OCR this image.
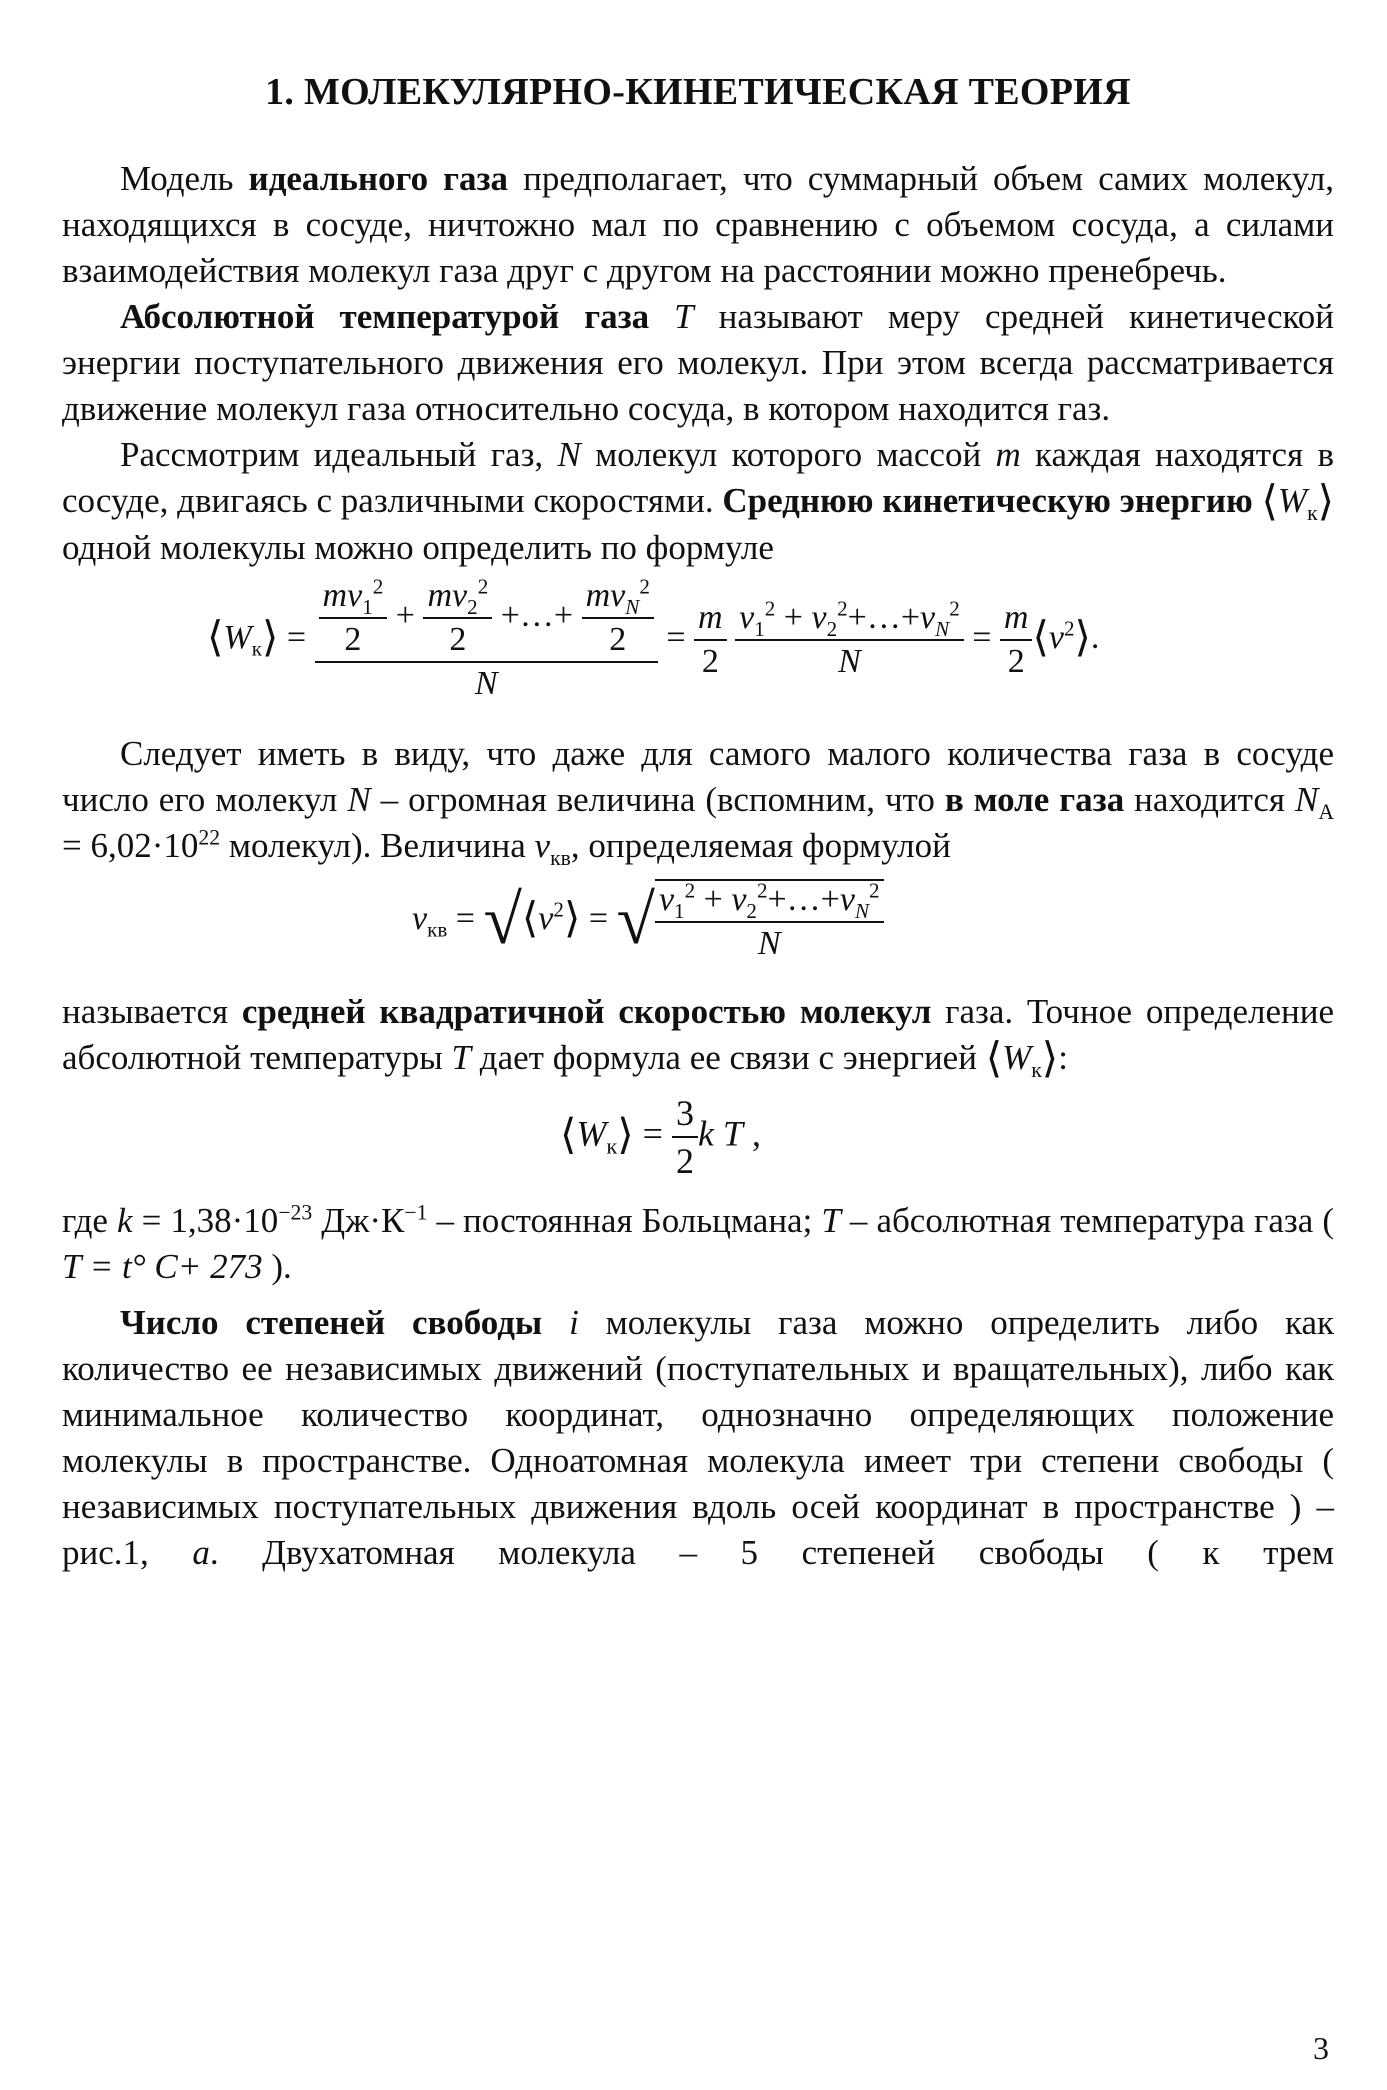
1. МОЛЕКУЛЯРНО-КИНЕТИЧЕСКАЯ ТЕОРИЯ

Модель идеального газа предполагает, что суммарный объем самих молекул, находящихся в сосуде, ничтожно мал по сравнению с объемом сосуда, а силами взаимодействия молекул газа друг с другом на расстоянии можно пренебречь.

Абсолютной температурой газа T называют меру средней кинетической энергии поступательного движения его молекул. При этом всегда рассматривается движение молекул газа относительно сосуда, в котором находится газ.

Рассмотрим идеальный газ, N молекул которого массой m каждая находятся в сосуде, двигаясь с различными скоростями. Среднюю кинетическую энергию $⟨W_к⟩$ одной молекулы можно определить по формуле

$⟨W_к⟩ = \frac{\frac{mv_1^2}{2} + \frac{mv_2^2}{2} +\dots+ \frac{mv_N^2}{2}}{N} = \frac{m}{2}$
$\frac{v_1^2 + v_2^2+\dots+v_N^2}{N} = \frac{m}{2}$ $⟨v^2⟩$.

Следует иметь в виду, что даже для самого малого количества газа в сосуде число его молекул N – огромная величина (вспомним, что в моле газа находится $N_A = 6,02\cdot 10^{22}$ молекул). Величина $v_{кв}$, определяемая формулой

$v_{кв}$ = $√⟨v^2⟩$ = √ $\frac{v_1^2 + v_2^2+\dots+v_N^2}{N}$

называется средней квадратичной скоростью молекул газа. Точное определение абсолютной температуры T дает формула ее связи с энергией $⟨W_к⟩$:

$⟨W_к⟩ = \frac{3}{2}$ k T ,

где $k = 1,38\cdot 10^{-23}$ $Дж\cdot К^{-1}$ – постоянная Больцмана; T – абсолютная температура газа ( T = t° C+ 273 ).

Число степеней свободы i молекулы газа можно определить либо как количество ее независимых движений (поступательных и вращательных), либо как минимальное количество координат, однозначно определяющих положение молекулы в пространстве. Одноатомная молекула имеет три степени свободы ( независимых поступательных движения вдоль осей координат в пространстве ) – рис.1, а. Двухатомная молекула – 5 степеней свободы ( к трем

3
